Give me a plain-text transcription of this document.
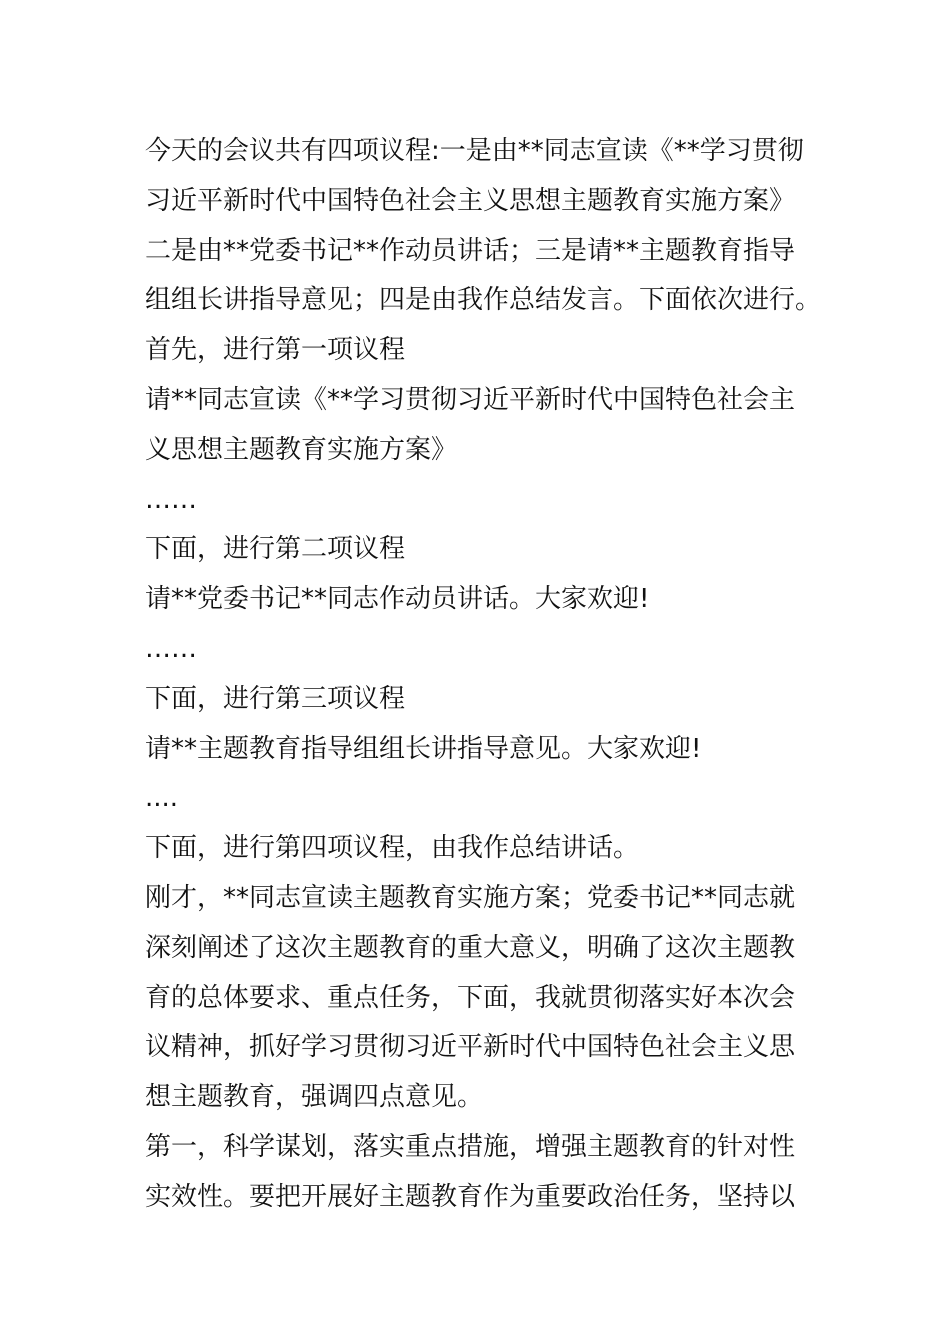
今天的会议共有四项议程:一是由**同志宣读《**学习贯彻
习近平新时代中国特色社会主义思想主题教育实施方案》
二是由**党委书记**作动员讲话；三是请**主题教育指导
组组长讲指导意见；四是由我作总结发言。下面依次进行。
首先，进行第一项议程
请**同志宣读《**学习贯彻习近平新时代中国特色社会主
义思想主题教育实施方案》
……
下面，进行第二项议程
请**党委书记**同志作动员讲话。大家欢迎!
……
下面，进行第三项议程
请**主题教育指导组组长讲指导意见。大家欢迎!
....
下面，进行第四项议程，由我作总结讲话。
刚才，**同志宣读主题教育实施方案；党委书记**同志就
深刻阐述了这次主题教育的重大意义，明确了这次主题教
育的总体要求、重点任务，下面，我就贯彻落实好本次会
议精神，抓好学习贯彻习近平新时代中国特色社会主义思
想主题教育，强调四点意见。
第一，科学谋划，落实重点措施，增强主题教育的针对性
实效性。要把开展好主题教育作为重要政治任务，坚持以
